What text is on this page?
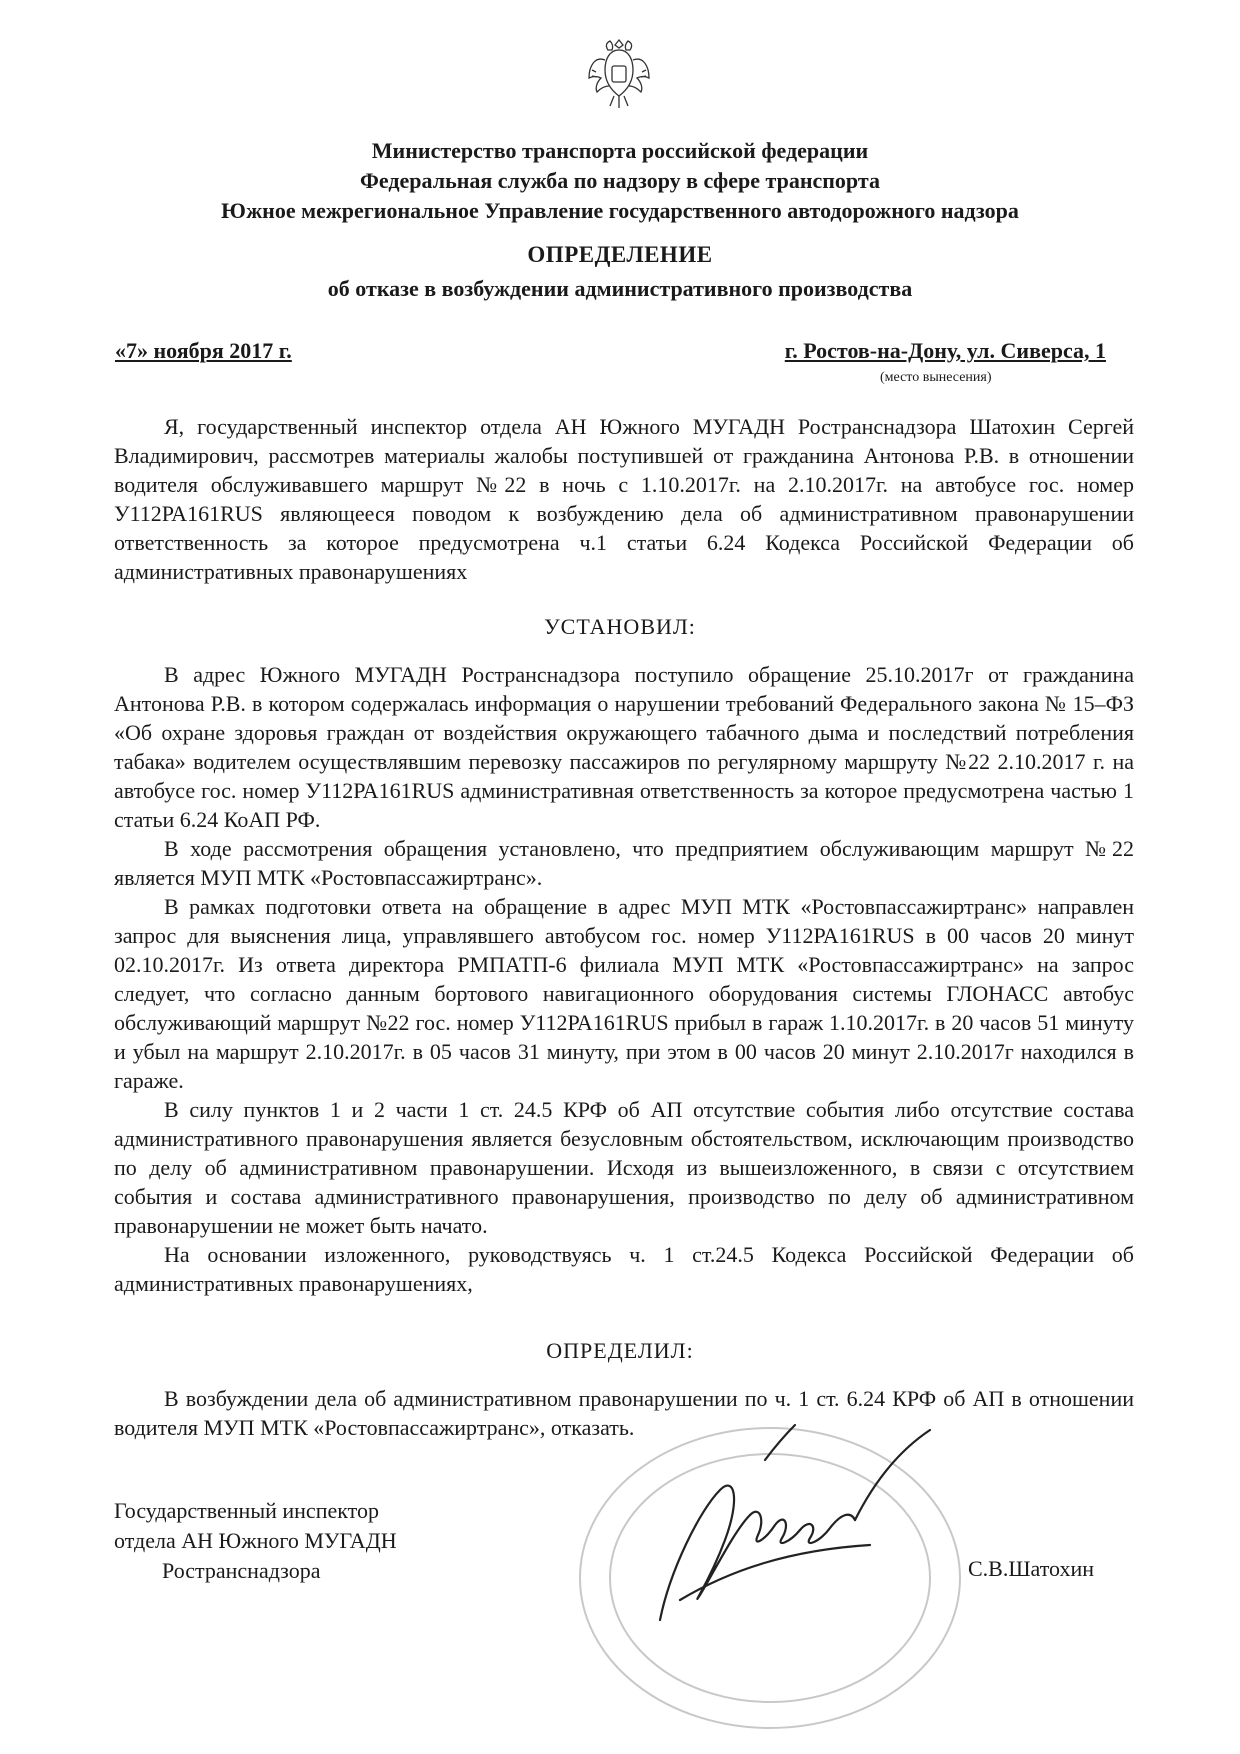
Министерство транспорта российской федерации
Федеральная служба по надзору в сфере транспорта
Южное межрегиональное Управление государственного автодорожного надзора
ОПРЕДЕЛЕНИЕ
об отказе в возбуждении административного производства
«7» ноября 2017 г.	г. Ростов-на-Дону, ул. Сиверса, 1
(место вынесения)

Я, государственный инспектор отдела АН Южного МУГАДН Ространснадзора Шатохин Сергей Владимирович, рассмотрев материалы жалобы поступившей от гражданина Антонова Р.В. в отношении водителя обслуживавшего маршрут №22 в ночь с 1.10.2017г. на 2.10.2017г. на автобусе гос. номер У112РА161RUS являющееся поводом к возбуждению дела об административном правонарушении ответственность за которое предусмотрена ч.1 статьи 6.24 Кодекса Российской Федерации об административных правонарушениях

УСТАНОВИЛ:

В адрес Южного МУГАДН Ространснадзора поступило обращение 25.10.2017г от гражданина Антонова Р.В. в котором содержалась информация о нарушении требований Федерального закона № 15–ФЗ «Об охране здоровья граждан от воздействия окружающего табачного дыма и последствий потребления табака» водителем осуществлявшим перевозку пассажиров по регулярному маршруту №22 2.10.2017 г. на автобусе гос. номер У112РА161RUS административная ответственность за которое предусмотрена частью 1 статьи 6.24 КоАП РФ.

В ходе рассмотрения обращения установлено, что предприятием обслуживающим маршрут №22 является МУП МТК «Ростовпассажиртранс».

В рамках подготовки ответа на обращение в адрес МУП МТК «Ростовпассажиртранс» направлен запрос для выяснения лица, управлявшего автобусом гос. номер У112РА161RUS в 00 часов 20 минут 02.10.2017г. Из ответа директора РМПАТП-6 филиала МУП МТК «Ростовпассажиртранс» на запрос следует, что согласно данным бортового навигационного оборудования системы ГЛОНАСС автобус обслуживающий маршрут №22 гос. номер У112РА161RUS прибыл в гараж 1.10.2017г. в 20 часов 51 минуту и убыл на маршрут 2.10.2017г. в 05 часов 31 минуту, при этом в 00 часов 20 минут 2.10.2017г находился в гараже.

В силу пунктов 1 и 2 части 1 ст. 24.5 КРФ об АП отсутствие события либо отсутствие состава административного правонарушения является безусловным обстоятельством, исключающим производство по делу об административном правонарушении. Исходя из вышеизложенного, в связи с отсутствием события и состава административного правонарушения, производство по делу об административном правонарушении не может быть начато.

На основании изложенного, руководствуясь ч. 1 ст.24.5 Кодекса Российской Федерации об административных правонарушениях,

ОПРЕДЕЛИЛ:

В возбуждении дела об административном правонарушении по ч. 1 ст. 6.24 КРФ об АП в отношении водителя МУП МТК «Ростовпассажиртранс», отказать.

Государственный инспектор
отдела АН Южного МУГАДН
Ространснадзора	С.В.Шатохин
